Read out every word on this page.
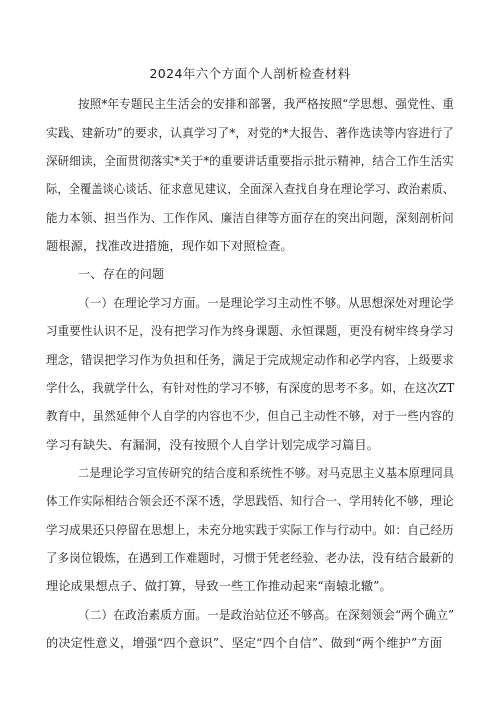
2024年六个方面个人剖析检查材料
按照*年专题民主生活会的安排和部署，我严格按照“学思想、强党性、重
实践、建新功”的要求，认真学习了*，对党的*大报告、著作选读等内容进行了
深研细读，全面贯彻落实*关于*的重要讲话重要指示批示精神，结合工作生活实
际，全覆盖谈心谈话、征求意见建议，全面深入查找自身在理论学习、政治素质、
能力本领、担当作为、工作作风、廉洁自律等方面存在的突出问题，深刻剖析问
题根源，找准改进措施，现作如下对照检查。
一、存在的问题
（一）在理论学习方面。一是理论学习主动性不够。从思想深处对理论学
习重要性认识不足，没有把学习作为终身课题、永恒课题，更没有树牢终身学习
理念，错误把学习作为负担和任务，满足于完成规定动作和必学内容，上级要求
学什么，我就学什么，有针对性的学习不够，有深度的思考不多。如，在这次ZT
教育中，虽然延伸个人自学的内容也不少，但自己主动性不够，对于一些内容的
学习有缺失、有漏洞，没有按照个人自学计划完成学习篇目。
二是理论学习宣传研究的结合度和系统性不够。对马克思主义基本原理同具
体工作实际相结合领会还不深不透，学思践悟、知行合一、学用转化不够，理论
学习成果还只停留在思想上，未充分地实践于实际工作与行动中。如：自己经历
了多岗位锻炼，在遇到工作难题时，习惯于凭老经验、老办法，没有结合最新的
理论成果想点子、做打算，导致一些工作推动起来“南辕北辙”。
（二）在政治素质方面。一是政治站位还不够高。在深刻领会“两个确立”
的决定性意义，增强“四个意识”、坚定“四个自信”、做到“两个维护”方面
